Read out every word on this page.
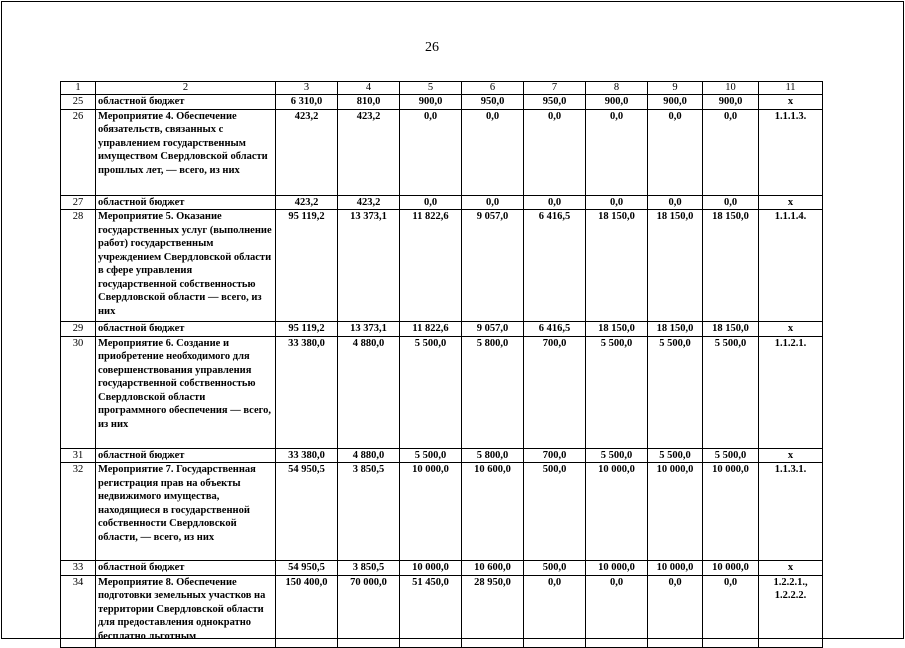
26
1	2	3	4	5	6	7	8	9	10	11
25	областной бюджет	6 310,0	810,0	900,0	950,0	950,0	900,0	900,0	900,0	x
26	Мероприятие 4. Обеспечение обязательств, связанных с управлением государственным имуществом Свердловской области прошлых лет, — всего, из них	423,2	423,2	0,0	0,0	0,0	0,0	0,0	0,0	1.1.1.3.
27	областной бюджет	423,2	423,2	0,0	0,0	0,0	0,0	0,0	0,0	x
28	Мероприятие 5. Оказание государственных услуг (выполнение работ) государственным учреждением Свердловской области в сфере управления государственной собственностью Свердловской области — всего, из них	95 119,2	13 373,1	11 822,6	9 057,0	6 416,5	18 150,0	18 150,0	18 150,0	1.1.1.4.
29	областной бюджет	95 119,2	13 373,1	11 822,6	9 057,0	6 416,5	18 150,0	18 150,0	18 150,0	x
30	Мероприятие 6. Создание и приобретение необходимого для совершенствования управления государственной собственностью Свердловской области программного обеспечения — всего, из них	33 380,0	4 880,0	5 500,0	5 800,0	700,0	5 500,0	5 500,0	5 500,0	1.1.2.1.
31	областной бюджет	33 380,0	4 880,0	5 500,0	5 800,0	700,0	5 500,0	5 500,0	5 500,0	x
32	Мероприятие 7. Государственная регистрация прав на объекты недвижимого имущества, находящиеся в государственной собственности Свердловской области, — всего, из них	54 950,5	3 850,5	10 000,0	10 600,0	500,0	10 000,0	10 000,0	10 000,0	1.1.3.1.
33	областной бюджет	54 950,5	3 850,5	10 000,0	10 600,0	500,0	10 000,0	10 000,0	10 000,0	x
34	Мероприятие 8. Обеспечение подготовки земельных участков на территории Свердловской области для предоставления однократно бесплатно льготным	150 400,0	70 000,0	51 450,0	28 950,0	0,0	0,0	0,0	0,0	1.2.2.1., 1.2.2.2.
